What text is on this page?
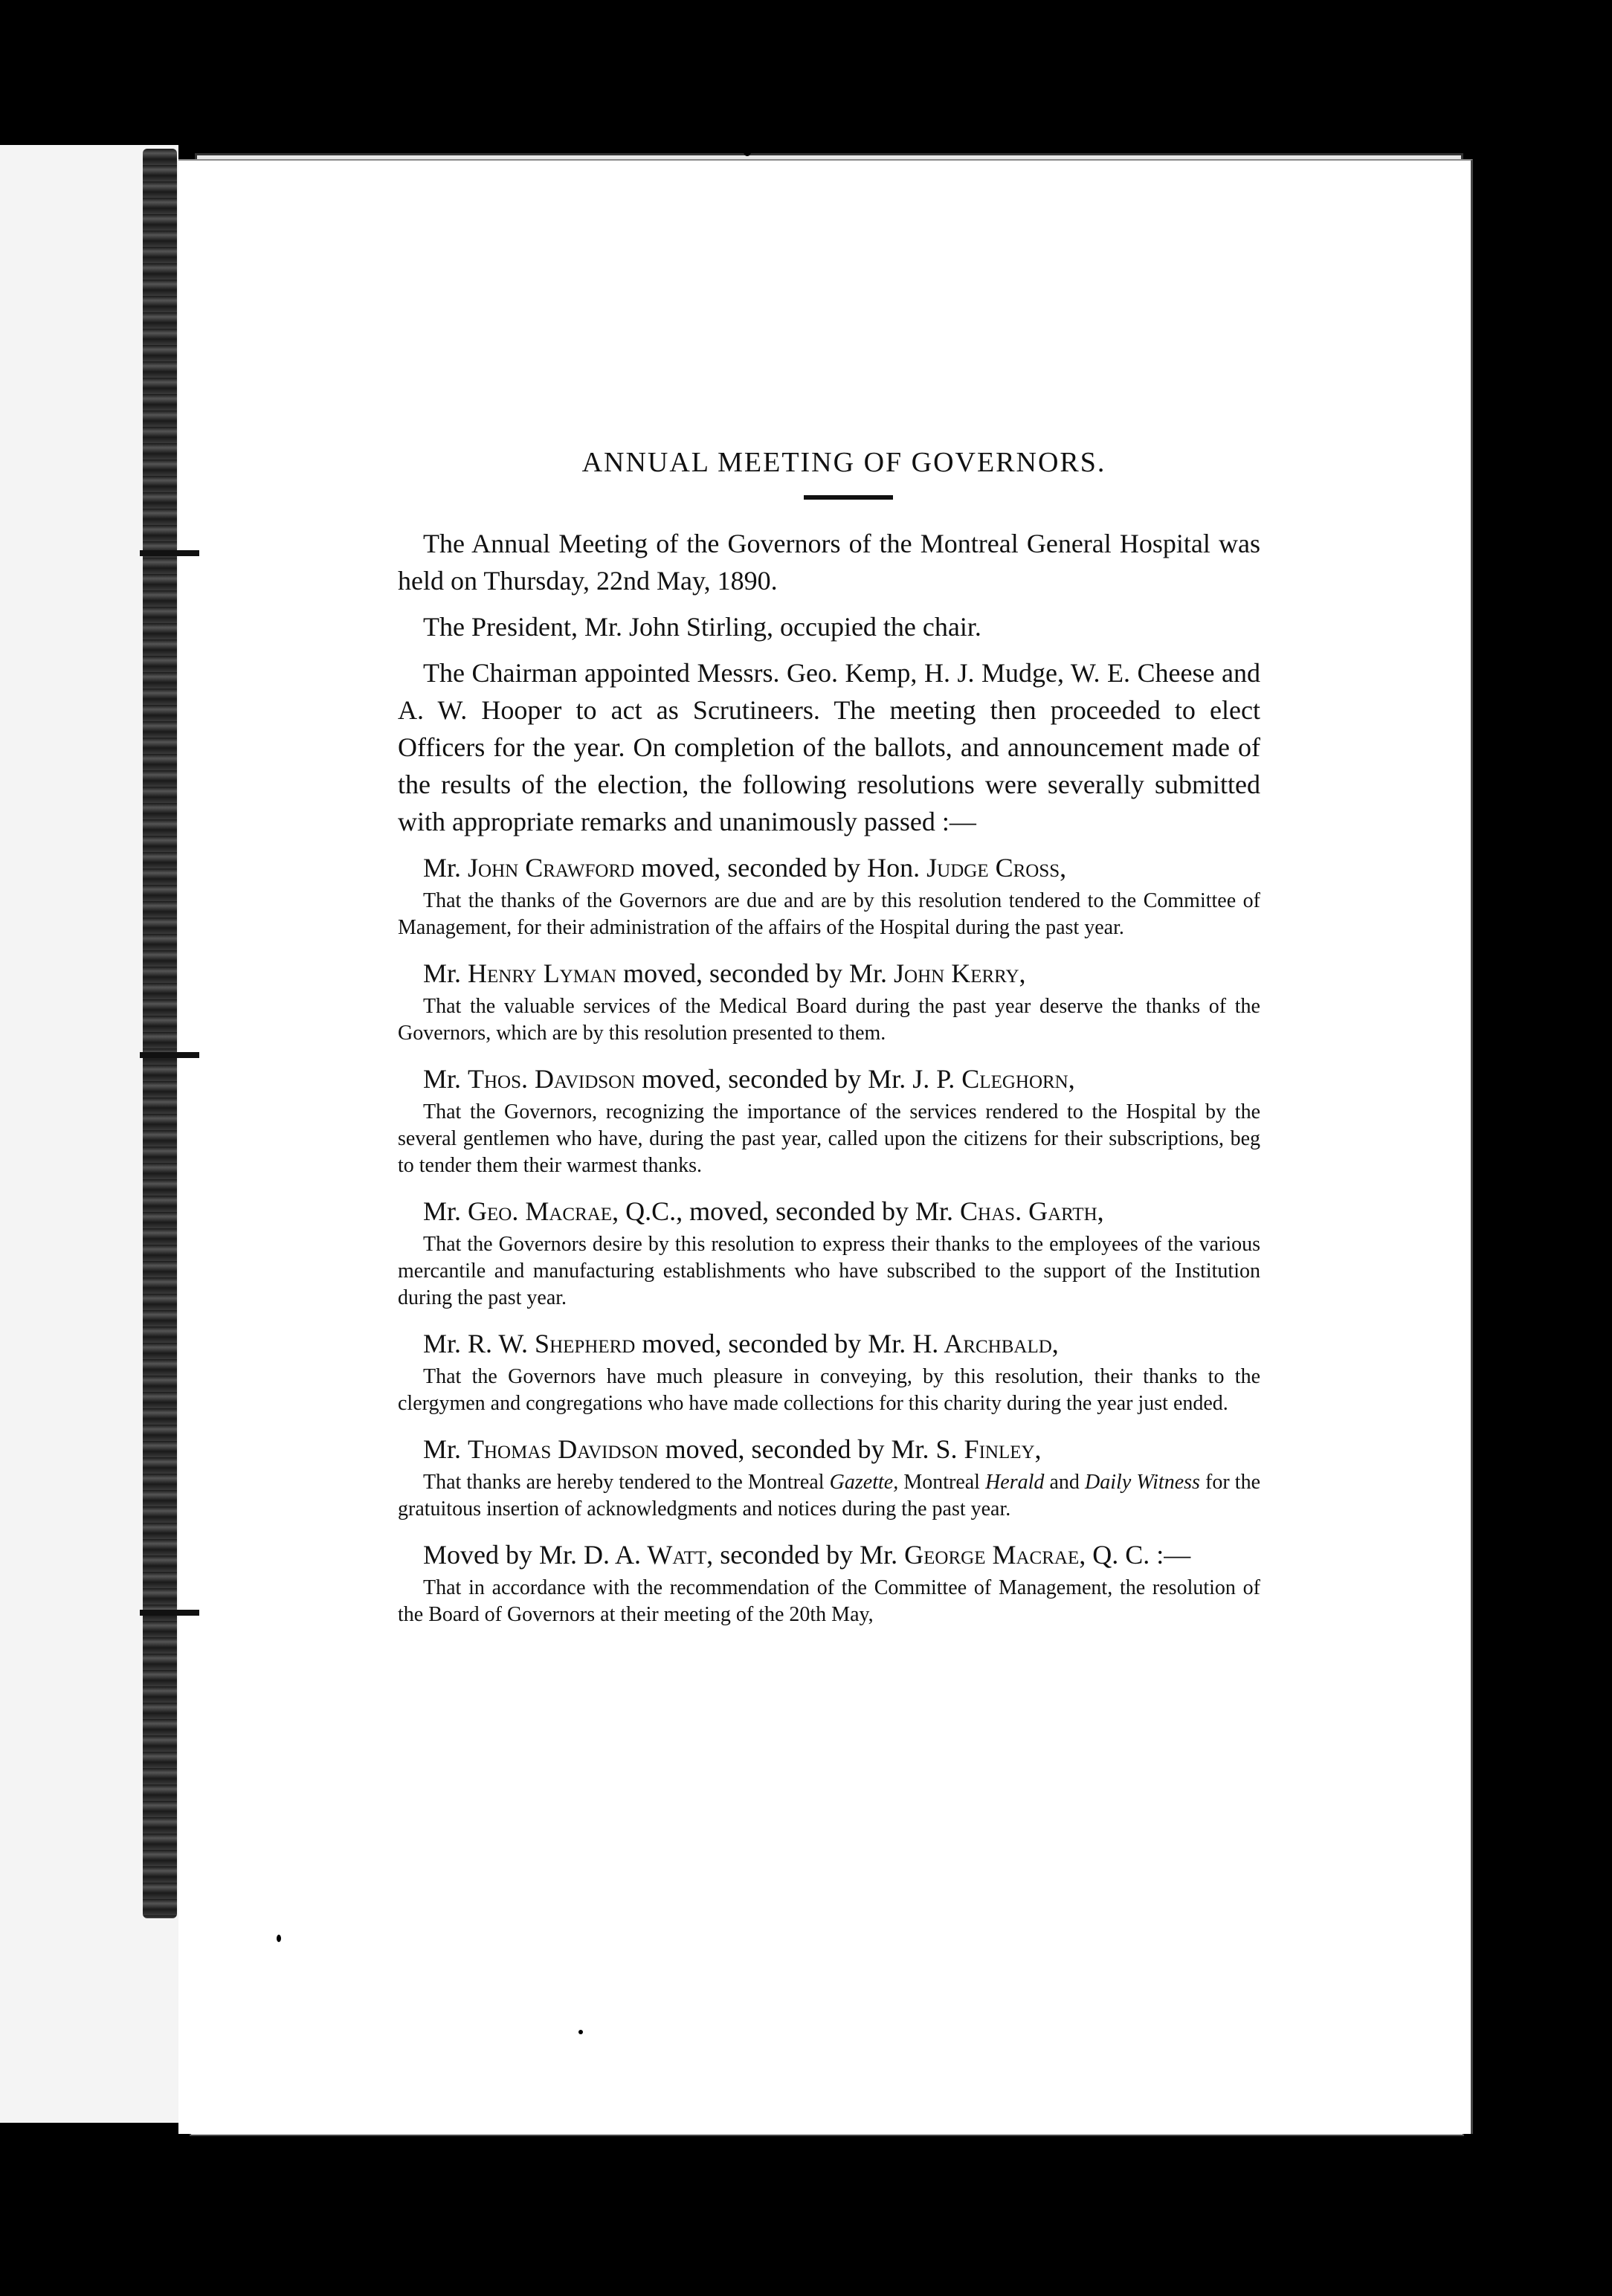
ANNUAL MEETING OF GOVERNORS.

The Annual Meeting of the Governors of the Montreal General Hospital was held on Thursday, 22nd May, 1890.

The President, Mr. John Stirling, occupied the chair.

The Chairman appointed Messrs. Geo. Kemp, H. J. Mudge, W. E. Cheese and A. W. Hooper to act as Scrutineers. The meeting then proceeded to elect Officers for the year. On completion of the ballots, and announcement made of the results of the election, the following resolutions were severally submitted with appropriate remarks and unanimously passed :—

Mr. John Crawford moved, seconded by Hon. Judge Cross,

That the thanks of the Governors are due and are by this resolution tendered to the Committee of Management, for their administration of the affairs of the Hospital during the past year.

Mr. Henry Lyman moved, seconded by Mr. John Kerry,

That the valuable services of the Medical Board during the past year deserve the thanks of the Governors, which are by this resolution presented to them.

Mr. Thos. Davidson moved, seconded by Mr. J. P. Cleghorn,

That the Governors, recognizing the importance of the services rendered to the Hospital by the several gentlemen who have, during the past year, called upon the citizens for their subscriptions, beg to tender them their warmest thanks.

Mr. Geo. Macrae, Q.C., moved, seconded by Mr. Chas. Garth,

That the Governors desire by this resolution to express their thanks to the employees of the various mercantile and manufacturing establishments who have subscribed to the support of the Institution during the past year.

Mr. R. W. Shepherd moved, seconded by Mr. H. Archbald,

That the Governors have much pleasure in conveying, by this resolution, their thanks to the clergymen and congregations who have made collections for this charity during the year just ended.

Mr. Thomas Davidson moved, seconded by Mr. S. Finley,

That thanks are hereby tendered to the Montreal Gazette, Montreal Herald and Daily Witness for the gratuitous insertion of acknowledgments and notices during the past year.

Moved by Mr. D. A. Watt, seconded by Mr. George Macrae, Q. C. :—

That in accordance with the recommendation of the Committee of Management, the resolution of the Board of Governors at their meeting of the 20th May,
